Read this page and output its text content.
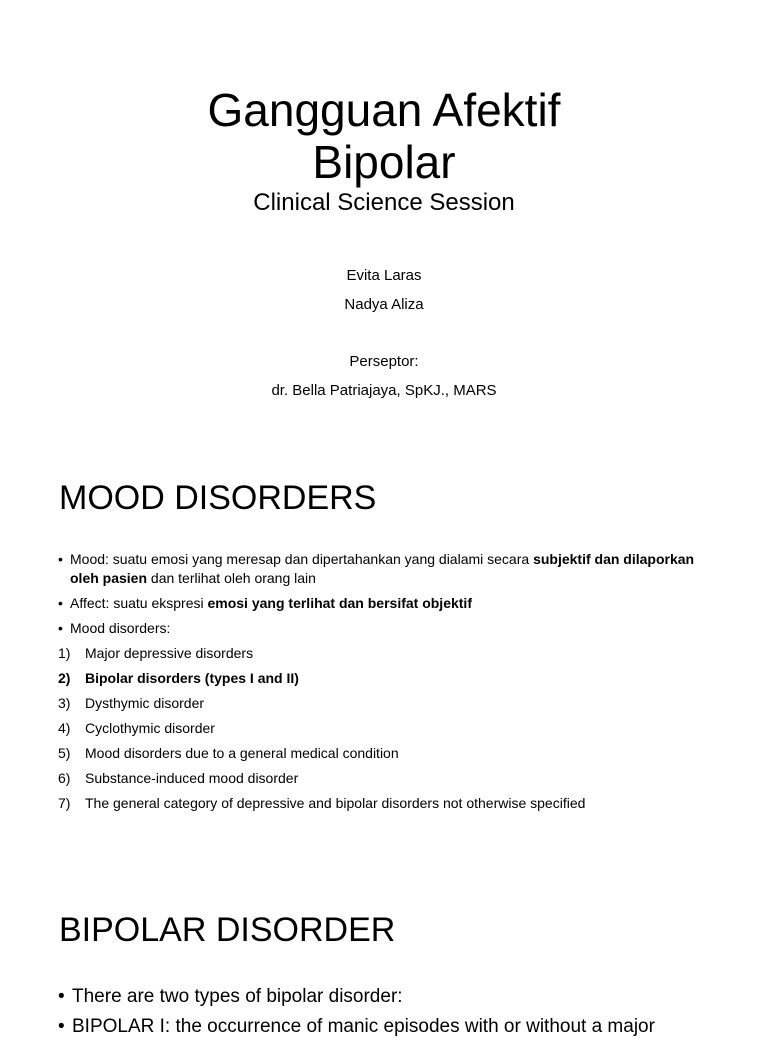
Gangguan Afektif
Bipolar
Clinical Science Session
Evita Laras
Nadya Aliza
Perseptor:
dr. Bella Patriajaya, SpKJ., MARS
MOOD DISORDERS

• Mood: suatu emosi yang meresap dan dipertahankan yang dialami secara subjektif dan dilaporkan oleh pasien dan terlihat oleh orang lain

• Affect: suatu ekspresi emosi yang terlihat dan bersifat objektif

• Mood disorders:

1)	Major depressive disorders

2)	Bipolar disorders (types I and II)

3)	Dysthymic disorder

4)	Cyclothymic disorder

5)	Mood disorders due to a general medical condition

6)	Substance-induced mood disorder

7)	The general category of depressive and bipolar disorders not otherwise specified

BIPOLAR DISORDER
• There are two types of bipolar disorder:
• BIPOLAR I: the occurrence of manic episodes with or without a major
